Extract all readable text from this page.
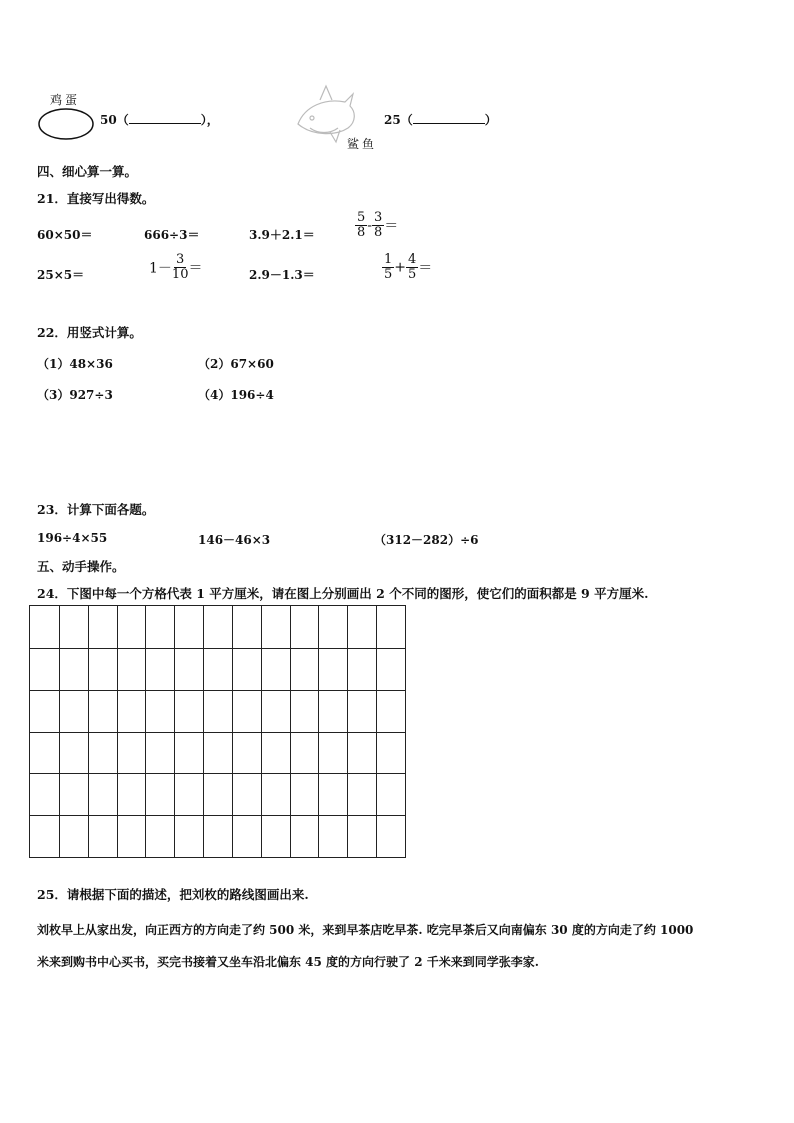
鸡蛋
50（	），
鲨鱼
25（	）
四、细心算一算。
21．直接写出得数。
60×50＝	666÷3＝	3.9＋2.1＝	$\frac{5}{8} - \frac{3}{8}$ ＝
25×5＝	$1- \frac{3}{10}$ ＝	2.9－1.3＝	$\frac{1}{5} + \frac{4}{5}$ ＝
22．用竖式计算。
（1）48×36	（2）67×60
（3）927÷3	（4）196÷4
23．计算下面各题。
196÷4×55	146－46×3	（312－282）÷6
五、动手操作。
24．下图中每一个方格代表 1 平方厘米，请在图上分别画出 2 个不同的图形，使它们的面积都是 9 平方厘米.
25．请根据下面的描述，把刘枚的路线图画出来.
刘枚早上从家出发，向正西方的方向走了约 500 米，来到早茶店吃早茶. 吃完早茶后又向南偏东 30 度的方向走了约 1000
米来到购书中心买书，买完书接着又坐车沿北偏东 45 度的方向行驶了 2 千米来到同学张李家.
